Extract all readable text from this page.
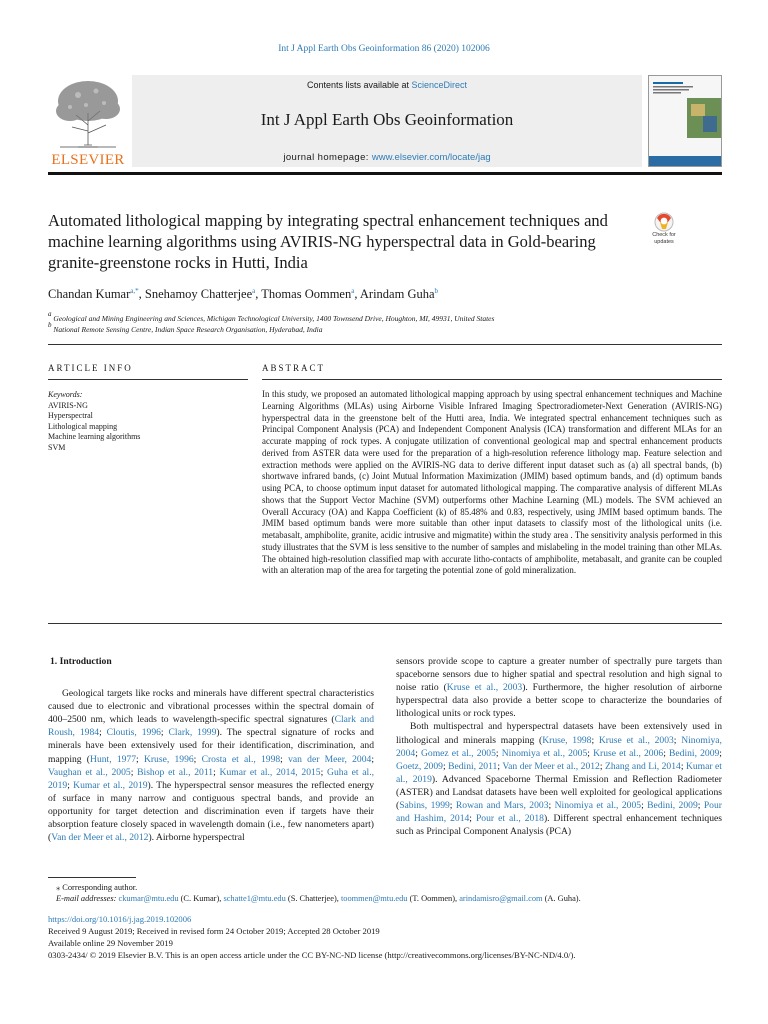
Int J Appl Earth Obs Geoinformation 86 (2020) 102006
ELSEVIER
Contents lists available at ScienceDirect
Int J Appl Earth Obs Geoinformation
journal homepage: www.elsevier.com/locate/jag
Automated lithological mapping by integrating spectral enhancement techniques and machine learning algorithms using AVIRIS-NG hyperspectral data in Gold-bearing granite-greenstone rocks in Hutti, India
Check for
updates
Chandan Kumar$^{a,*}$, Snehamoy Chatterjee$^a$, Thomas Oommen$^a$, Arindam Guha$^b$
$^a$ Geological and Mining Engineering and Sciences, Michigan Technological University, 1400 Townsend Drive, Houghton, MI, 49931, United States
$^b$ National Remote Sensing Centre, Indian Space Research Organisation, Hyderabad, India
ARTICLE INFO	ABSTRACT
Keywords:
AVIRIS-NG
Hyperspectral
Lithological mapping
Machine learning algorithms
SVM

In this study, we proposed an automated lithological mapping approach by using spectral enhancement techniques and Machine Learning Algorithms (MLAs) using Airborne Visible Infrared Imaging Spectroradiometer-Next Generation (AVIRIS-NG) hyperspectral data in the greenstone belt of the Hutti area, India. We integrated spectral enhancement techniques such as Principal Component Analysis (PCA) and Independent Component Analysis (ICA) transformation and different MLAs for an accurate mapping of rock types. A conjugate utilization of conventional geological map and spectral enhancement products derived from ASTER data were used for the preparation of a high-resolution reference lithology map. Feature selection and extraction methods were applied on the AVIRIS-NG data to derive different input dataset such as (a) all spectral bands, (b) shortwave infrared bands, (c) Joint Mutual Information Maximization (JMIM) based optimum bands, and (d) optimum bands using PCA, to choose optimum input dataset for automated lithological mapping. The comparative analysis of different MLAs shows that the Support Vector Machine (SVM) outperforms other Machine Learning (ML) models. The SVM achieved an Overall Accuracy (OA) and Kappa Coefficient (k) of 85.48% and 0.83, respectively, using JMIM based optimum bands. The JMIM based optimum bands were more suitable than other input datasets to classify most of the lithological units (i.e. metabasalt, amphibolite, granite, acidic intrusive and migmatite) within the study area . The sensitivity analysis performed in this study illustrates that the SVM is less sensitive to the number of samples and mislabeling in the model training than other MLAs. The obtained high-resolution classified map with accurate litho-contacts of amphibolite, metabasalt, and granite can be coupled with an alteration map of the area for targeting the potential zone of gold mineralization.

1. Introduction

Geological targets like rocks and minerals have different spectral characteristics caused due to electronic and vibrational processes within the spectral domain of 400–2500 nm, which leads to wavelength-specific spectral signatures (Clark and Roush, 1984; Cloutis, 1996; Clark, 1999). The spectral signature of rocks and minerals have been extensively used for their identification, discrimination, and mapping (Hunt, 1977; Kruse, 1996; Crosta et al., 1998; van der Meer, 2004; Vaughan et al., 2005; Bishop et al., 2011; Kumar et al., 2014, 2015; Guha et al., 2019; Kumar et al., 2019). The hyperspectral sensor measures the reflected energy of surface in many narrow and contiguous spectral bands, and provide an opportunity for target detection and discrimination even if targets have their absorption feature closely spaced in wavelength domain (i.e., few nanometers apart) (Van der Meer et al., 2012). Airborne hyperspectral

sensors provide scope to capture a greater number of spectrally pure targets than spaceborne sensors due to higher spatial and spectral resolution and high signal to noise ratio (Kruse et al., 2003). Furthermore, the higher resolution of airborne hyperspectral data also provide a better scope to characterize the boundaries of lithological units or rock types.

Both multispectral and hyperspectral datasets have been extensively used in lithological and minerals mapping (Kruse, 1998; Kruse et al., 2003; Ninomiya, 2004; Gomez et al., 2005; Ninomiya et al., 2005; Kruse et al., 2006; Bedini, 2009; Goetz, 2009; Bedini, 2011; Van der Meer et al., 2012; Zhang and Li, 2014; Kumar et al., 2019). Advanced Spaceborne Thermal Emission and Reflection Radiometer (ASTER) and Landsat datasets have been well exploited for geological applications (Sabins, 1999; Rowan and Mars, 2003; Ninomiya et al., 2005; Bedini, 2009; Pour and Hashim, 2014; Pour et al., 2018). Different spectral enhancement techniques such as Principal Component Analysis (PCA)

⁎ Corresponding author.
E-mail addresses: ckumar@mtu.edu (C. Kumar), schatte1@mtu.edu (S. Chatterjee), toommen@mtu.edu (T. Oommen), arindamisro@gmail.com (A. Guha).
https://doi.org/10.1016/j.jag.2019.102006
Received 9 August 2019; Received in revised form 24 October 2019; Accepted 28 October 2019
Available online 29 November 2019
0303-2434/ © 2019 Elsevier B.V. This is an open access article under the CC BY-NC-ND license (http://creativecommons.org/licenses/BY-NC-ND/4.0/).
